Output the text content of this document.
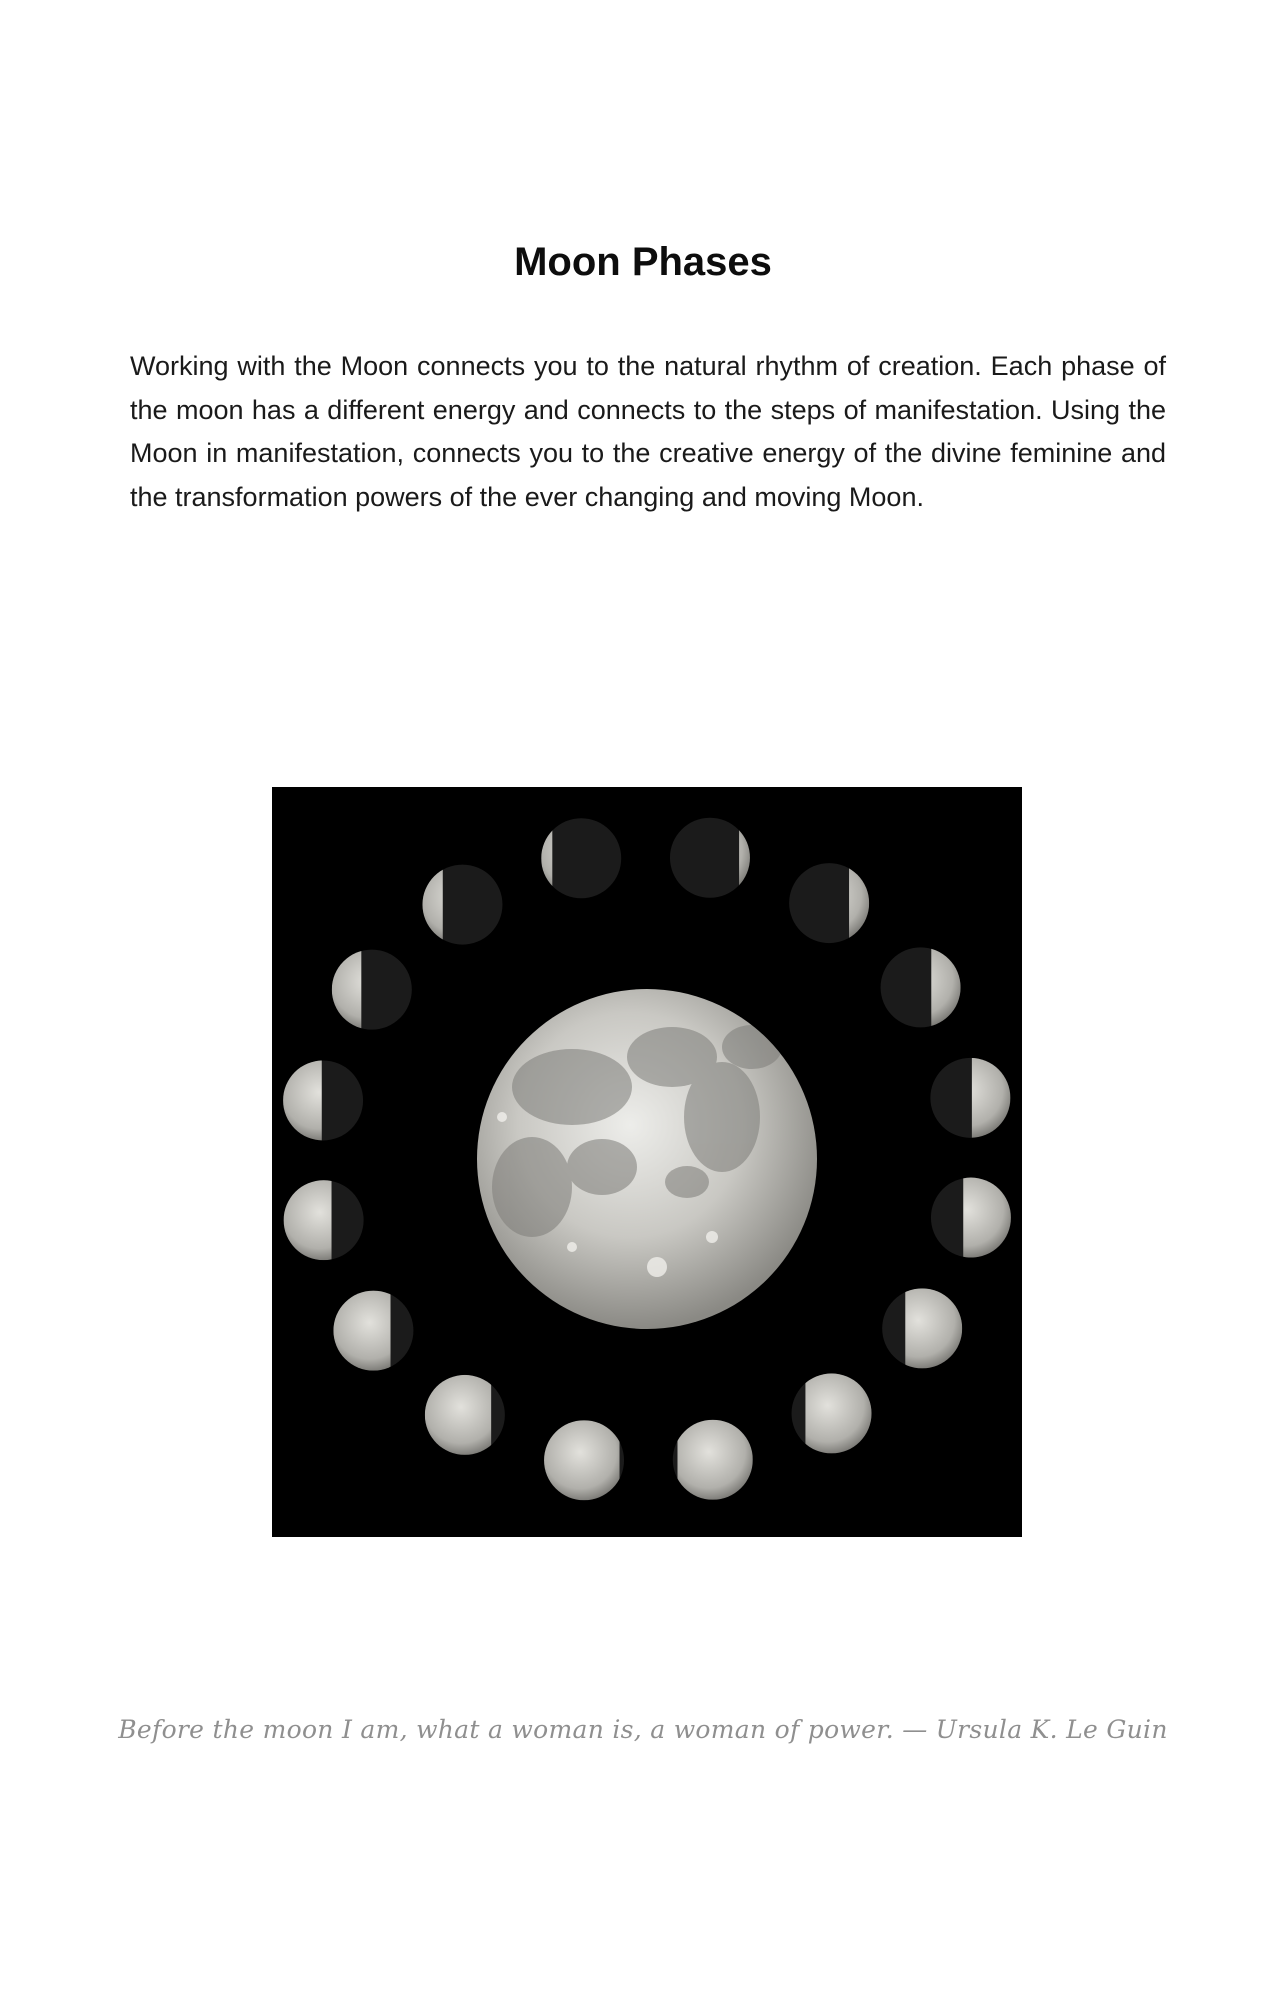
Moon Phases

Working with the Moon connects you to the natural rhythm of creation. Each phase of the moon has a different energy and connects to the steps of manifestation. Using the Moon in manifestation, connects you to the creative energy of the divine feminine and the transformation powers of the ever changing and moving Moon.

Before the moon I am, what a woman is, a woman of power. — Ursula K. Le Guin
